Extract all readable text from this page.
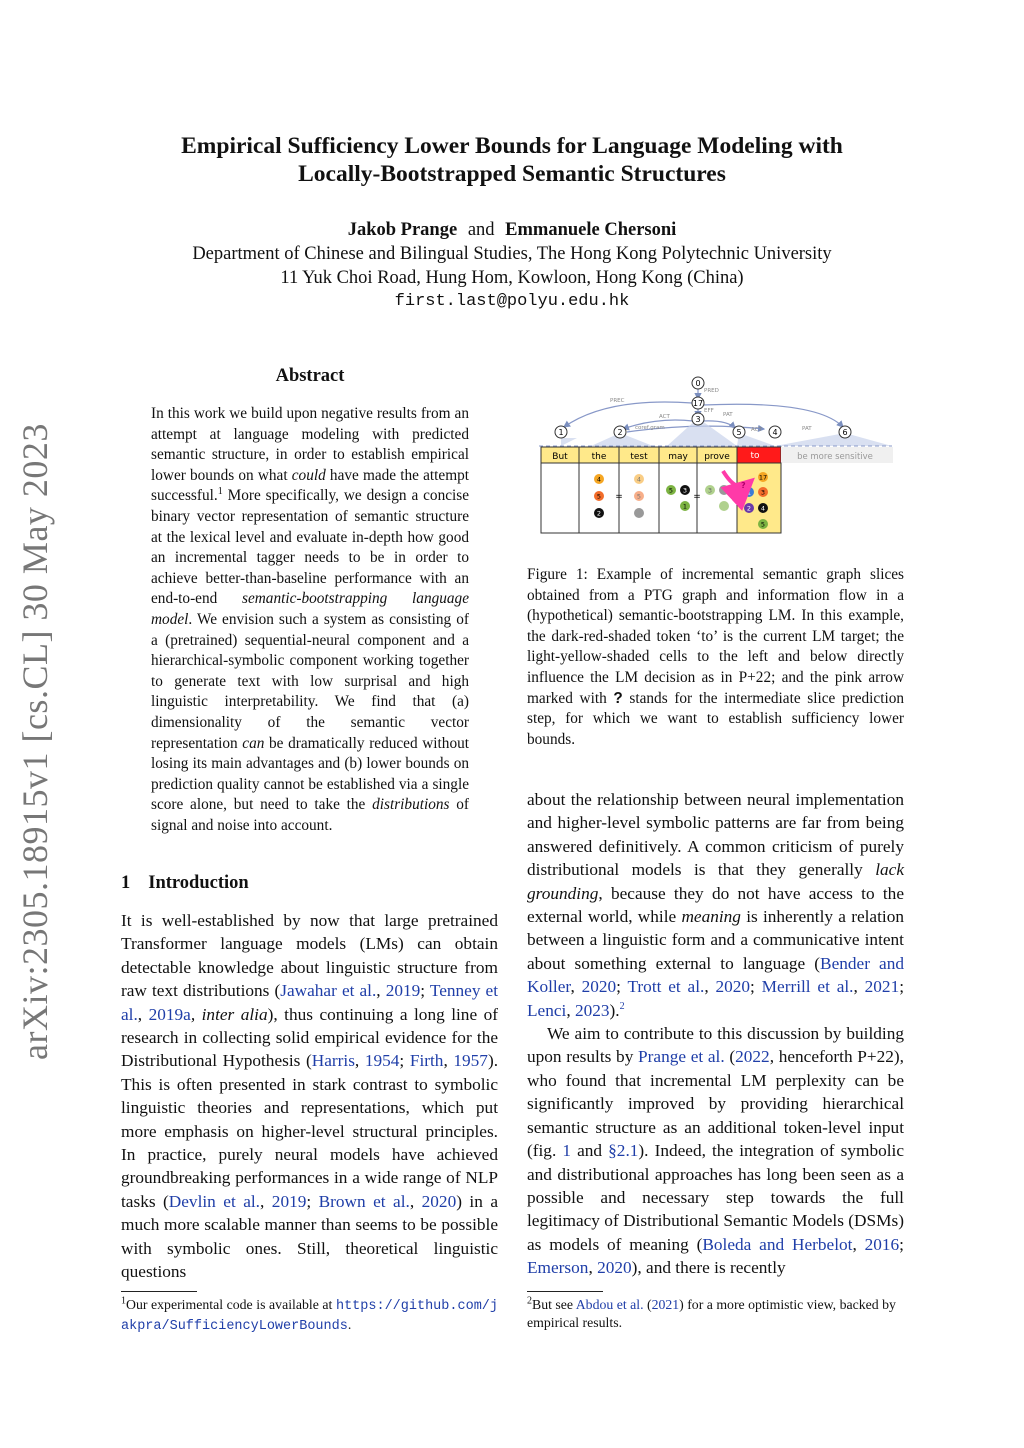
Empirical Sufficiency Lower Bounds for Language Modeling with
Locally-Bootstrapped Semantic Structures
Jakob Prange and Emmanuele Chersoni
Department of Chinese and Bilingual Studies, The Hong Kong Polytechnic University
11 Yuk Choi Road, Hung Hom, Kowloon, Hong Kong (China)
first.last@polyu.edu.hk
arXiv:2305.18915v1 [cs.CL] 30 May 2023
Abstract
In this work we build upon negative results from an attempt at language modeling with predicted semantic structure, in order to establish empirical lower bounds on what could have made the attempt successful.$^1$ More specifically, we design a concise binary vector representation of semantic structure at the lexical level and evaluate in-depth how good an incremental tagger needs to be in order to achieve better-than-baseline performance with an end-to-end semantic-bootstrapping language model. We envision such a system as consisting of a (pretrained) sequential-neural component and a hierarchical-symbolic component working together to generate text with low surprisal and high linguistic interpretability. We find that (a) dimensionality of the semantic vector representation can be dramatically reduced without losing its main advantages and (b) lower bounds on prediction quality cannot be established via a single score alone, but need to take the distributions of signal and noise into account.
1 Introduction
It is well-established by now that large pretrained Transformer language models (LMs) can obtain detectable knowledge about linguistic structure from raw text distributions (Jawahar et al., 2019; Tenney et al., 2019a, inter alia), thus continuing a long line of research in collecting solid empirical evidence for the Distributional Hypothesis (Harris, 1954; Firth, 1957). This is often presented in stark contrast to symbolic linguistic theories and representations, which put more emphasis on higher-level structural principles. In practice, purely neural models have achieved groundbreaking performances in a wide range of NLP tasks (Devlin et al., 2019; Brown et al., 2020) in a much more scalable manner than seems to be possible with symbolic ones. Still, theoretical linguistic questions
$^1$Our experimental code is available at https://github.com/jakpra/SufficiencyLowerBounds.
PRED
PREC
EFF
ACT	PAT
coref.gram	ACT	PAT
0
17
1	2
3
5	4	6
But	the	test may prove to	be more sensitive
4
5
2
=
4
5
5 3
1
=
3
17
1 3
2 4
5
?
Figure 1: Example of incremental semantic graph slices obtained from a PTG graph and information flow in a (hypothetical) semantic-bootstrapping LM. In this example, the dark-red-shaded token ‘to’ is the current LM target; the light-yellow-shaded cells to the left and below directly influence the LM decision as in P+22; and the pink arrow marked with ? stands for the intermediate slice prediction step, for which we want to establish sufficiency lower bounds.

about the relationship between neural implementation and higher-level symbolic patterns are far from being answered definitively. A common criticism of purely distributional models is that they generally lack grounding, because they do not have access to the external world, while meaning is inherently a relation between a linguistic form and a communicative intent about something external to language (Bender and Koller, 2020; Trott et al., 2020; Merrill et al., 2021; Lenci, 2023).$^2$

We aim to contribute to this discussion by building upon results by Prange et al. (2022, henceforth P+22), who found that incremental LM perplexity can be significantly improved by providing hierarchical semantic structure as an additional token-level input (fig. 1 and §2.1). Indeed, the integration of symbolic and distributional approaches has long been seen as a possible and necessary step towards the full legitimacy of Distributional Semantic Models (DSMs) as models of meaning (Boleda and Herbelot, 2016; Emerson, 2020), and there is recently

$^2$But see Abdou et al. (2021) for a more optimistic view, backed by empirical results.
